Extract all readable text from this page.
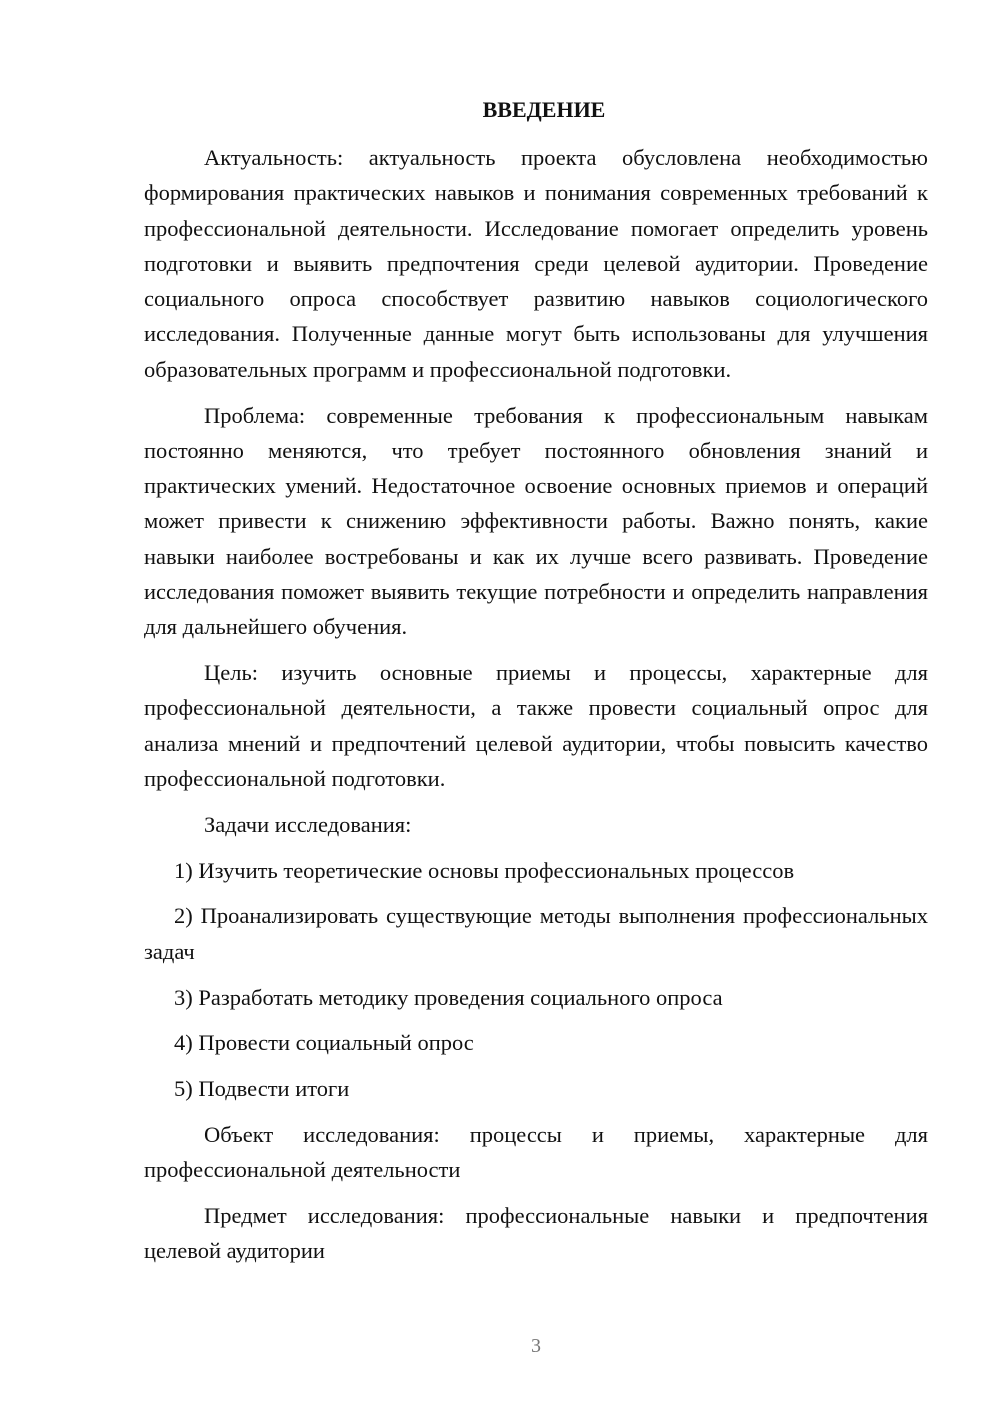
ВВЕДЕНИЕ

Актуальность: актуальность проекта обусловлена необходимостью формирования практических навыков и понимания современных требований к профессиональной деятельности. Исследование помогает определить уровень подготовки и выявить предпочтения среди целевой аудитории. Проведение социального опроса способствует развитию навыков социологического исследования. Полученные данные могут быть использованы для улучшения образовательных программ и профессиональной подготовки.

Проблема: современные требования к профессиональным навыкам постоянно меняются, что требует постоянного обновления знаний и практических умений. Недостаточное освоение основных приемов и операций может привести к снижению эффективности работы. Важно понять, какие навыки наиболее востребованы и как их лучше всего развивать. Проведение исследования поможет выявить текущие потребности и определить направления для дальнейшего обучения.

Цель: изучить основные приемы и процессы, характерные для профессиональной деятельности, а также провести социальный опрос для анализа мнений и предпочтений целевой аудитории, чтобы повысить качество профессиональной подготовки.

Задачи исследования:

1) Изучить теоретические основы профессиональных процессов

2) Проанализировать существующие методы выполнения профессиональных задач

3) Разработать методику проведения социального опроса

4) Провести социальный опрос

5) Подвести итоги

Объект исследования: процессы и приемы, характерные для профессиональной деятельности

Предмет исследования: профессиональные навыки и предпочтения целевой аудитории

3
